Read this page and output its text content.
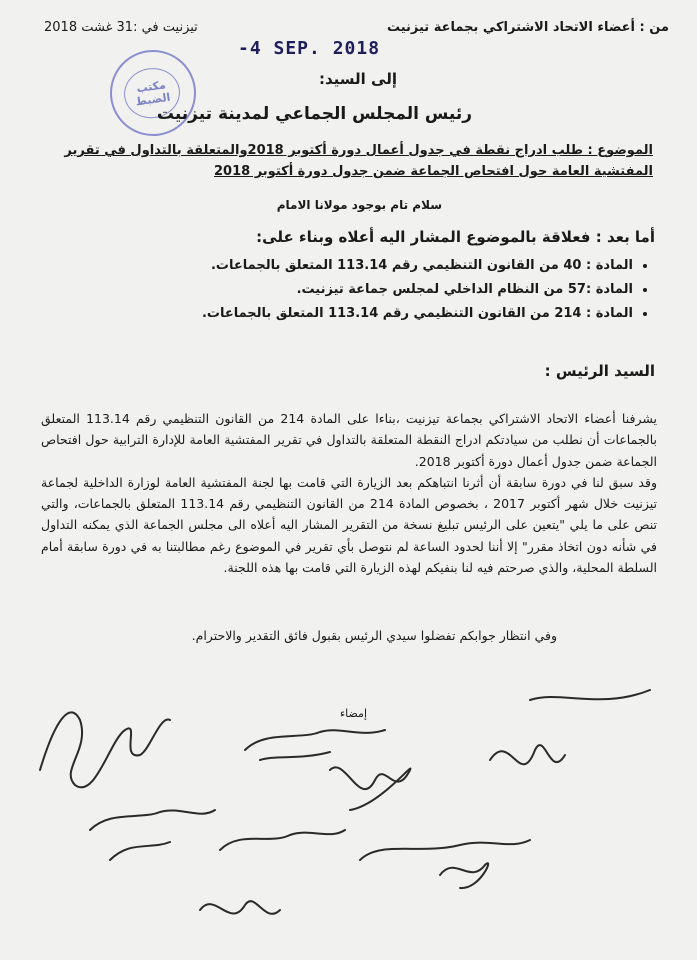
من : أعضاء الاتحاد الاشتراكي بجماعة تيزنيت
تيزنيت في :31 غشت 2018
-4 SEP. 2018
مكتب
الضبط
إلى السيد:
رئيس المجلس الجماعي لمدينة تيزنيت
الموضوع : طلب ادراج نقطة في جدول أعمال دورة أكتوبر 2018والمتعلقة بالتداول في تقرير المفتشية العامة حول افتحاص الجماعة ضمن جدول دورة أكتوبر 2018
سلام تام بوجود مولانا الامام
أما بعد : فعلاقة بالموضوع المشار اليه أعلاه وبناء على:
• المادة : 40 من القانون التنظيمي رقم 113.14 المتعلق بالجماعات.
• المادة :57 من النظام الداخلي لمجلس جماعة تيزنيت.
• المادة : 214 من القانون التنظيمي رقم 113.14 المتعلق بالجماعات.
السيد الرئيس :

يشرفنا أعضاء الاتحاد الاشتراكي بجماعة تيزنيت ،بناءا على المادة 214 من القانون التنظيمي رقم 113.14 المتعلق بالجماعات أن نطلب من سيادتكم ادراج النقطة المتعلقة بالتداول في تقرير المفتشية العامة للإدارة الترابية حول افتحاص الجماعة ضمن جدول أعمال دورة أكتوبر 2018.

وقد سبق لنا في دورة سابقة أن أثرنا انتباهكم بعد الزيارة التي قامت بها لجنة المفتشية العامة لوزارة الداخلية لجماعة تيزنيت خلال شهر أكتوبر 2017 ، بخصوص المادة 214 من القانون التنظيمي رقم 113.14 المتعلق بالجماعات، والتي تنص على ما يلي "يتعين على الرئيس تبليغ نسخة من التقرير المشار اليه أعلاه الى مجلس الجماعة الذي يمكنه التداول في شأنه دون اتخاذ مقرر" إلا أننا لحدود الساعة لم نتوصل بأي تقرير في الموضوع رغم مطالبتنا به في دورة سابقة أمام السلطة المحلية، والذي صرحتم فيه لنا بنفيكم لهذه الزيارة التي قامت بها هذه اللجنة.

وفي انتظار جوابكم تفضلوا سيدي الرئيس بقبول فائق التقدير والاحترام.
إمضاء
